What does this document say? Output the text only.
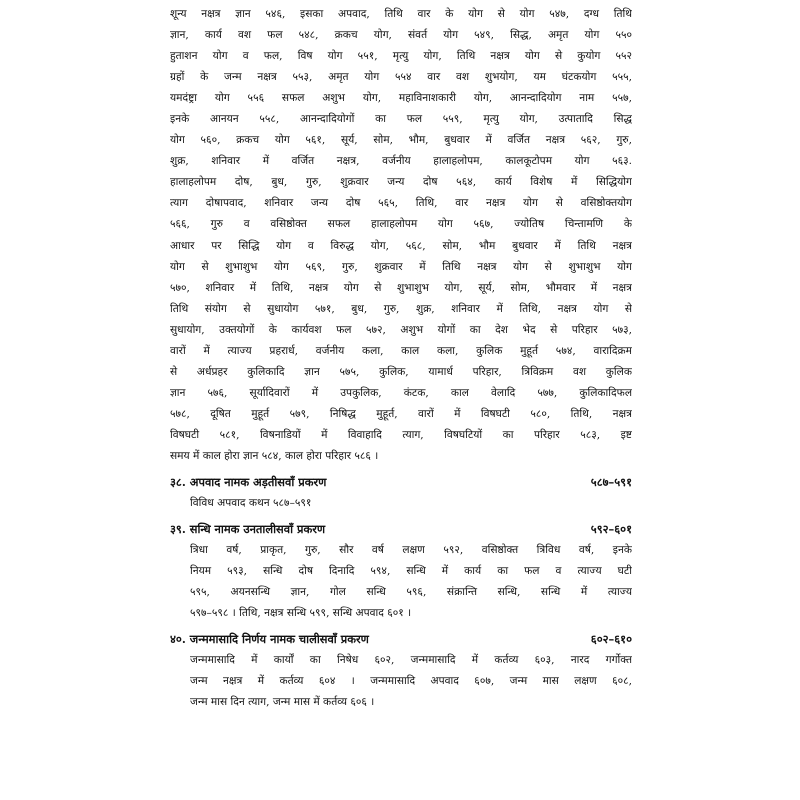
शून्य नक्षत्र ज्ञान ५४६, इसका अपवाद, तिथि वार के योग से योग ५४७, दग्ध तिथि

ज्ञान, कार्य वश फल ५४८, क्रकच योग, संवर्त योग ५४९, सिद्ध, अमृत योग ५५०

हुताशन योग व फल, विष योग ५५१, मृत्यु योग, तिथि नक्षत्र योग से कुयोग ५५२

ग्रहों के जन्म नक्षत्र ५५३, अमृत योग ५५४ वार वश शुभयोग, यम घंटकयोग ५५५,

यमदंष्ट्रा योग ५५६ सफल अशुभ योग, महाविनाशकारी योग, आनन्दादियोग नाम ५५७,

इनके आनयन ५५८, आनन्दादियोगों का फल ५५९, मृत्यु योग, उत्पातादि सिद्ध

योग ५६०, क्रकच योग ५६१, सूर्य, सोम, भौम, बुधवार में वर्जित नक्षत्र ५६२, गुरु,

शुक्र, शनिवार में वर्जित नक्षत्र, वर्जनीय हालाहलोपम, कालकूटोपम योग ५६३.

हालाहलोपम दोष, बुध, गुरु, शुक्रवार जन्य दोष ५६४, कार्य विशेष में सिद्धियोग

त्याग दोषापवाद, शनिवार जन्य दोष ५६५, तिथि, वार नक्षत्र योग से वसिष्ठोक्तयोग

५६६, गुरु व वसिष्ठोक्त सफल हालाहलोपम योग ५६७, ज्योतिष चिन्तामणि के

आधार पर सिद्धि योग व विरुद्ध योग, ५६८, सोम, भौम बुधवार में तिथि नक्षत्र

योग से शुभाशुभ योग ५६९, गुरु, शुक्रवार में तिथि नक्षत्र योग से शुभाशुभ योग

५७०, शनिवार में तिथि, नक्षत्र योग से शुभाशुभ योग, सूर्य, सोम, भौमवार में नक्षत्र

तिथि संयोग से सुधायोग ५७१, बुध, गुरु, शुक्र, शनिवार में तिथि, नक्षत्र योग से

सुधायोग, उक्तयोगों के कार्यवश फल ५७२, अशुभ योगों का देश भेद से परिहार ५७३,

वारों में त्याज्य प्रहरार्ध, वर्जनीय कला, काल कला, कुलिक मुहूर्त ५७४, वारादिक्रम

से अर्धप्रहर कुलिकादि ज्ञान ५७५, कुलिक, यामार्ध परिहार, त्रिविक्रम वश कुलिक

ज्ञान ५७६, सूर्यादिवारों में उपकुलिक, कंटक, काल वेलादि ५७७, कुलिकादिफल

५७८, दूषित मुहूर्त ५७९, निषिद्ध मुहूर्त, वारों में विषघटी ५८०, तिथि, नक्षत्र

विषघटी ५८१, विषनाडियों में विवाहादि त्याग, विषघटियों का परिहार ५८३, इष्ट

समय में काल होरा ज्ञान ५८४, काल होरा परिहार ५८६ ।

३८. अपवाद नामक अड़तीसवाँ प्रकरण	५८७–५९१

विविध अपवाद कथन ५८७–५९१

३९. सन्धि नामक उनतालीसवाँ प्रकरण	५९२–६०१

त्रिधा वर्ष, प्राकृत, गुरु, सौर वर्ष लक्षण ५९२, वसिष्ठोक्त त्रिविध वर्ष, इनके

नियम ५९३, सन्धि दोष दिनादि ५९४, सन्धि में कार्य का फल व त्याज्य घटी

५९५, अयनसन्धि ज्ञान, गोल सन्धि ५९६, संक्रान्ति सन्धि, सन्धि में त्याज्य

५९७–५९८ । तिथि, नक्षत्र सन्धि ५९९, सन्धि अपवाद ६०१ ।

४०. जन्ममासादि निर्णय नामक चालीसवाँ प्रकरण	६०२–६१०

जन्ममासादि में कार्यों का निषेध ६०२, जन्ममासादि में कर्तव्य ६०३, नारद गर्गोक्त

जन्म नक्षत्र में कर्तव्य ६०४ । जन्ममासादि अपवाद ६०७, जन्म मास लक्षण ६०८,

जन्म मास दिन त्याग, जन्म मास में कर्तव्य ६०६ ।
